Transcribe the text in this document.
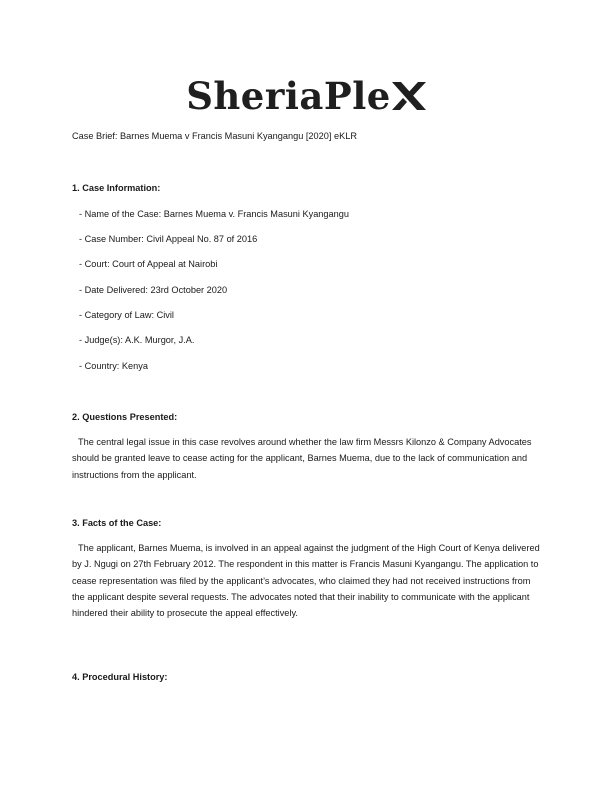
SheriaPle
Case Brief: Barnes Muema v Francis Masuni Kyangangu [2020] eKLR
1. Case Information:
- Name of the Case: Barnes Muema v. Francis Masuni Kyangangu
- Case Number: Civil Appeal No. 87 of 2016
- Court: Court of Appeal at Nairobi
- Date Delivered: 23rd October 2020
- Category of Law: Civil
- Judge(s): A.K. Murgor, J.A.
- Country: Kenya
2. Questions Presented:

The central legal issue in this case revolves around whether the law firm Messrs Kilonzo & Company Advocates should be granted leave to cease acting for the applicant, Barnes Muema, due to the lack of communication and instructions from the applicant.

3. Facts of the Case:

The applicant, Barnes Muema, is involved in an appeal against the judgment of the High Court of Kenya delivered by J. Ngugi on 27th February 2012. The respondent in this matter is Francis Masuni Kyangangu. The application to cease representation was filed by the applicant’s advocates, who claimed they had not received instructions from the applicant despite several requests. The advocates noted that their inability to communicate with the applicant hindered their ability to prosecute the appeal effectively.

4. Procedural History:
